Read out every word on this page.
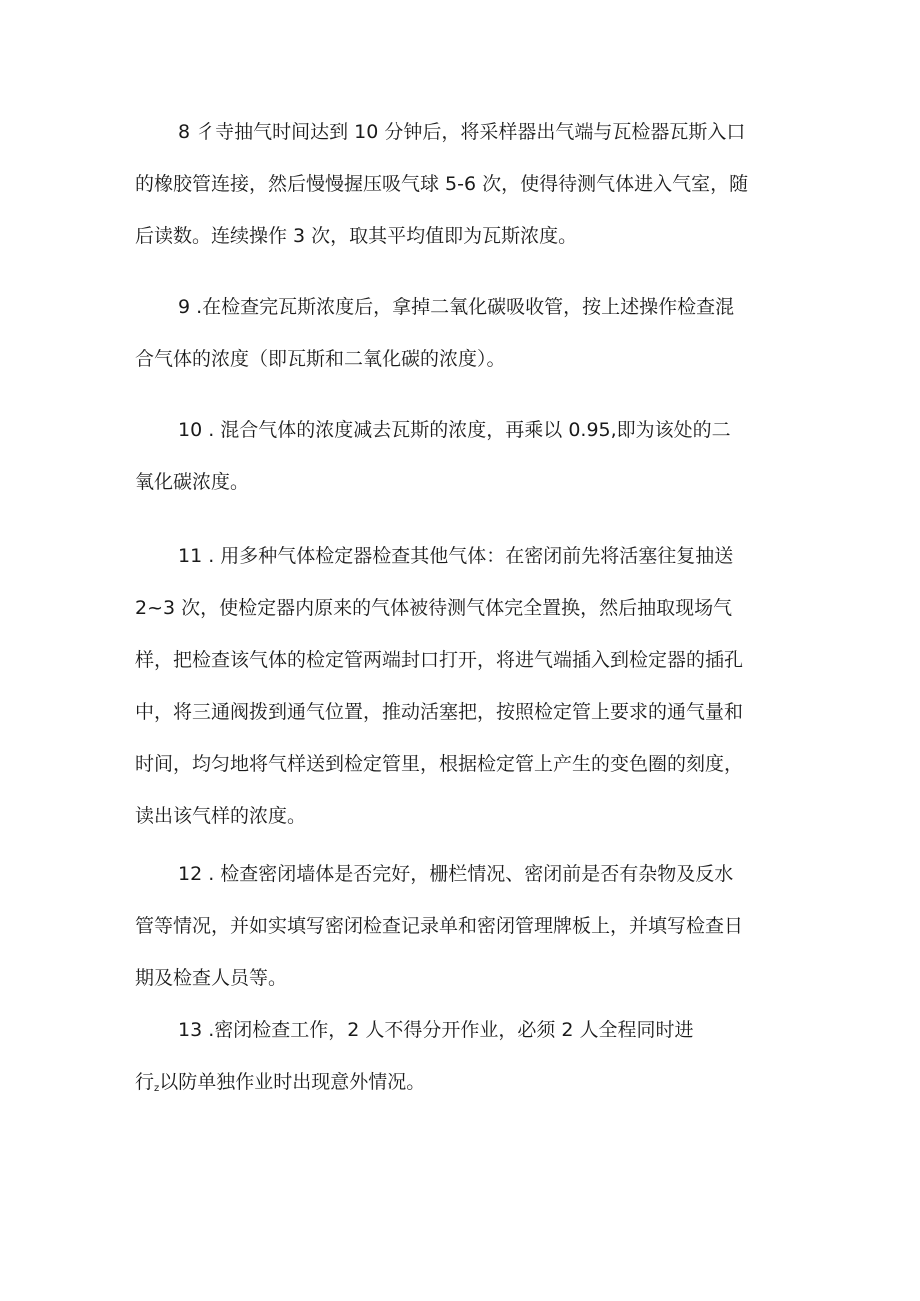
8 彳寺抽气时间达到 10 分钟后，将采样器出气端与瓦检器瓦斯入口
的橡胶管连接，然后慢慢握压吸气球 5-6 次，使得待测气体进入气室，随
后读数。连续操作 3 次，取其平均值即为瓦斯浓度。

9 .在检查完瓦斯浓度后，拿掉二氧化碳吸收管，按上述操作检查混
合气体的浓度（即瓦斯和二氧化碳的浓度）。

10 . 混合气体的浓度减去瓦斯的浓度，再乘以 0.95,即为该处的二
氧化碳浓度。

11 . 用多种气体检定器检查其他气体：在密闭前先将活塞往复抽送
2~3 次，使检定器内原来的气体被待测气体完全置换，然后抽取现场气
样，把检查该气体的检定管两端封口打开，将进气端插入到检定器的插孔
中，将三通阀拨到通气位置，推动活塞把，按照检定管上要求的通气量和
时间，均匀地将气样送到检定管里，根据检定管上产生的变色圈的刻度，
读出该气样的浓度。

12 . 检查密闭墙体是否完好，栅栏情况、密闭前是否有杂物及反水
管等情况，并如实填写密闭检查记录单和密闭管理牌板上，并填写检查日
期及检查人员等。

13 .密闭检查工作，2 人不得分开作业，必须 2 人全程同时进
行$_z$以防单独作业时出现意外情况。
